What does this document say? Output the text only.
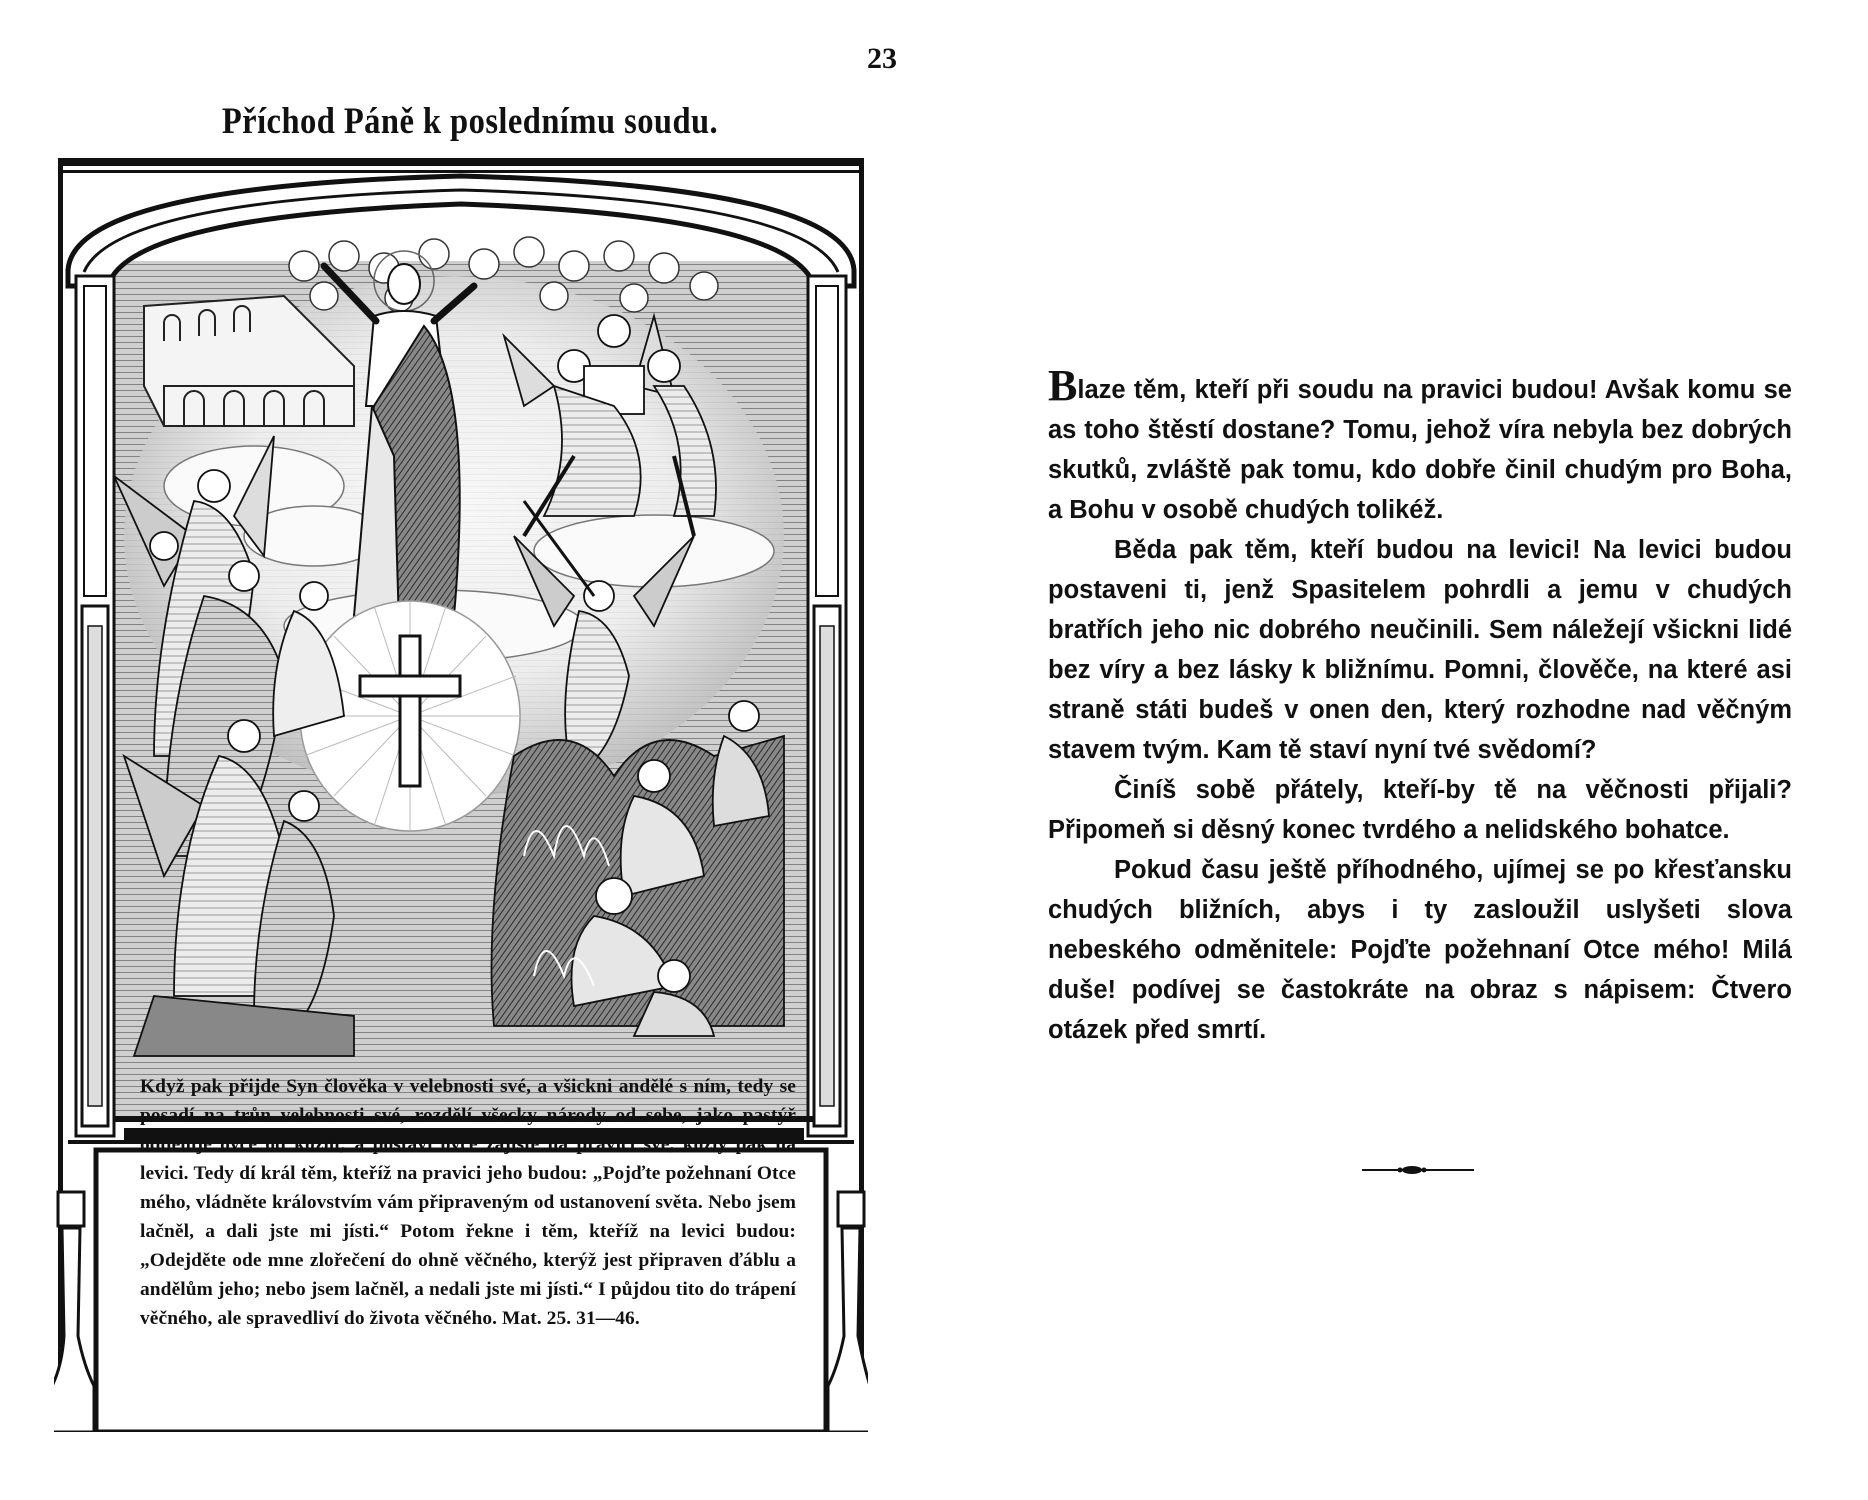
23
Příchod Páně k poslednímu soudu.
Když pak přijde Syn člověka v velebnosti své, a všickni andělé s ním, tedy se posadí na trůn velebnosti své, rozdělí všecky národy od sebe, jako pastýř odděluje ovce od kozlů; a postaví ovce zajisté na pravici své, kozly pak na levici. Tedy dí král těm, kteříž na pravici jeho budou: „Pojďte požehnaní Otce mého, vládněte královstvím vám připraveným od ustanovení světa. Nebo jsem lačněl, a dali jste mi jísti.“ Potom řekne i těm, kteříž na levici budou: „Odejděte ode mne zlořečení do ohně věčného, kterýž jest připraven ďáblu a andělům jeho; nebo jsem lačněl, a nedali jste mi jísti.“ I půjdou tito do trápení věčného, ale spravedliví do života věčného. Mat. 25. 31—46.

Blaze těm, kteří při soudu na pravici budou! Avšak komu se as toho štěstí dostane? Tomu, jehož víra nebyla bez dobrých skutků, zvláště pak tomu, kdo dobře činil chudým pro Boha, a Bohu v osobě chudých tolikéž.

Běda pak těm, kteří budou na levici! Na levici budou postaveni ti, jenž Spasitelem pohrdli a jemu v chudých bratřích jeho nic dobrého neučinili. Sem náležejí všickni lidé bez víry a bez lásky k bližnímu. Pomni, člověče, na které asi straně státi budeš v onen den, který rozhodne nad věčným stavem tvým. Kam tě staví nyní tvé svědomí?

Činíš sobě přátely, kteří-by tě na věčnosti přijali? Připomeň si děsný konec tvrdého a nelidského bohatce.

Pokud času ještě příhodného, ujímej se po křesťansku chudých bližních, abys i ty zasloužil uslyšeti slova nebeského odměnitele: Pojďte požehnaní Otce mého! Milá duše! podívej se častokráte na obraz s nápisem: Čtvero otázek před smrtí.
